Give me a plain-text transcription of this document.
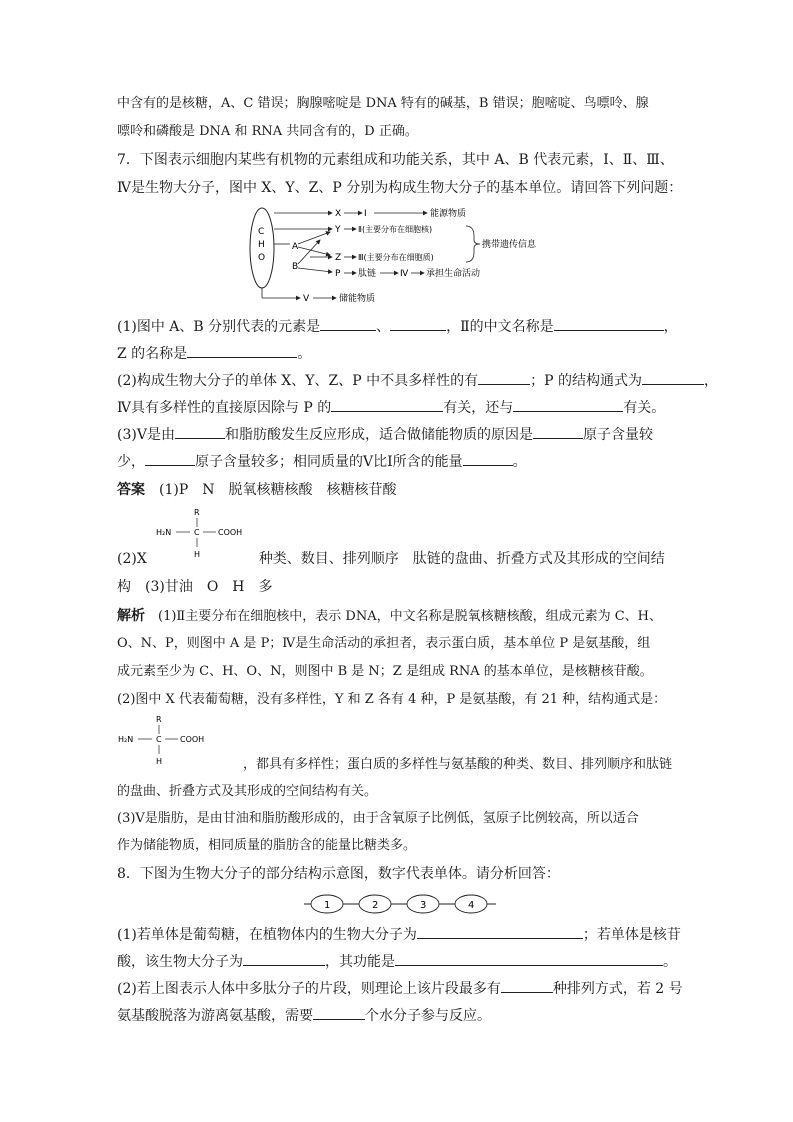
中含有的是核糖，A、C 错误；胸腺嘧啶是 DNA 特有的碱基，B 错误；胞嘧啶、鸟嘌呤、腺
嘌呤和磷酸是 DNA 和 RNA 共同含有的，D 正确。
7．下图表示细胞内某些有机物的元素组成和功能关系，其中 A、B 代表元素，Ⅰ、Ⅱ、Ⅲ、
Ⅳ是生物大分子，图中 X、Y、Z、P 分别为构成生物大分子的基本单位。请回答下列问题：
C
H
O
X	Ⅰ	能源物质
Y Ⅱ(主要分布在细胞核)
A
B
Z Ⅲ(主要分布在细胞质)
携带遗传信息
P 肽链	Ⅳ 承担生命活动
V	储能物质
(1)图中 A、B 分别代表的元素是	、	，Ⅱ的中文名称是	，
Z 的名称是	。
(2)构成生物大分子的单体 X、Y、Z、P 中不具多样性的有	；P 的结构通式为	，
Ⅳ具有多样性的直接原因除与 P 的	有关，还与	有关。
(3)Ⅴ是由	和脂肪酸发生反应形成，适合做储能物质的原因是	原子含量较
少，	原子含量较多；相同质量的Ⅴ比Ⅰ所含的能量	。
答案　 (1)P　N　脱氧核糖核酸　核糖核苷酸
R
H₂N	C COOH
H
(2)X	种类、数目、排列顺序　肽链的盘曲、折叠方式及其形成的空间结
构　(3)甘油　O　H　多
解析　 (1)Ⅱ主要分布在细胞核中，表示 DNA，中文名称是脱氧核糖核酸，组成元素为 C、H、
O、N、P，则图中 A 是 P；Ⅳ是生命活动的承担者，表示蛋白质，基本单位 P 是氨基酸，组
成元素至少为 C、H、O、N，则图中 B 是 N；Z 是组成 RNA 的基本单位，是核糖核苷酸。
(2)图中 X 代表葡萄糖，没有多样性，Y 和 Z 各有 4 种，P 是氨基酸，有 21 种，结构通式是：
R
H₂N	C COOH
H	，都具有多样性；蛋白质的多样性与氨基酸的种类、数目、排列顺序和肽链
的盘曲、折叠方式及其形成的空间结构有关。
(3)Ⅴ是脂肪，是由甘油和脂肪酸形成的，由于含氧原子比例低，氢原子比例较高，所以适合
作为储能物质，相同质量的脂肪含的能量比糖类多。
8．下图为生物大分子的部分结构示意图，数字代表单体。请分析回答：
1	2	3	4
(1)若单体是葡萄糖，在植物体内的生物大分子为	；若单体是核苷
酸，该生物大分子为	，其功能是	。
(2)若上图表示人体中多肽分子的片段，则理论上该片段最多有	种排列方式，若 2 号
氨基酸脱落为游离氨基酸，需要	个水分子参与反应。
